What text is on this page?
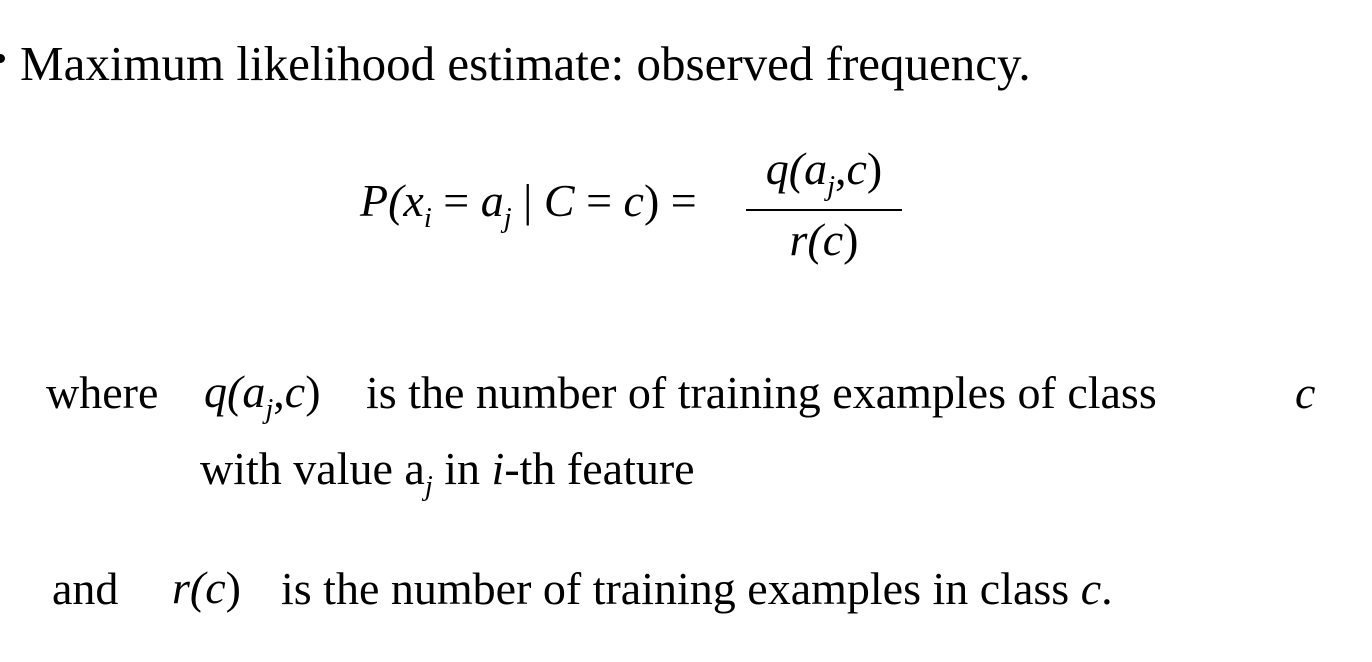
Maximum likelihood estimate: observed frequency.
$P(x_i = a_j$ | C = c) =
$q(a_j,c)$
r(c)
where $q(a_j,c)$ is the number of training examples of class	c
with value $a_j$ in i-th feature
and r(c) is the number of training examples in class c.
